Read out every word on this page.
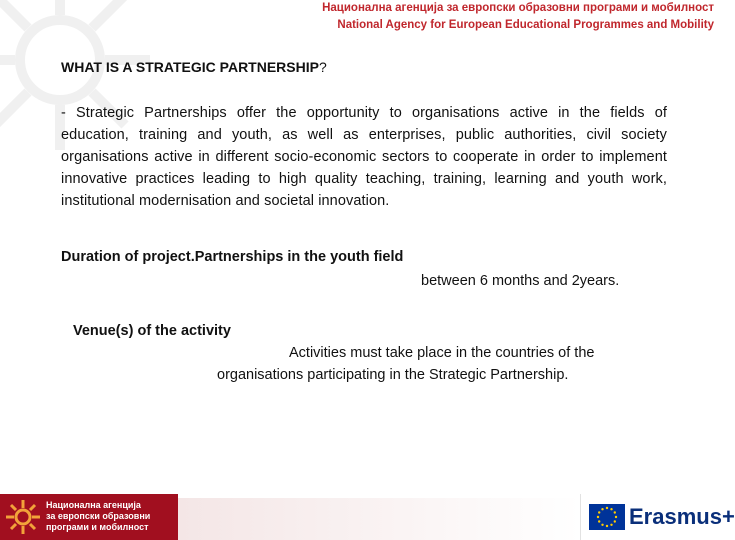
Национална агенција за европски образовни програми и мобилност
National Agency for European Educational Programmes and Mobility
WHAT IS A STRATEGIC PARTNERSHIP?
- Strategic Partnerships offer the opportunity to organisations active in the fields of education, training and youth, as well as enterprises, public authorities, civil society organisations active in different socio-economic sectors to cooperate in order to implement innovative practices leading to high quality teaching, training, learning and youth work, institutional modernisation and societal innovation.
Duration of project.Partnerships in the youth field
between 6 months and 2years.
Venue(s) of the activity
Activities must take place in the countries of the
organisations participating in the Strategic Partnership.
Национална агенција
за европски образовни
програми и мобилност	Erasmus+
